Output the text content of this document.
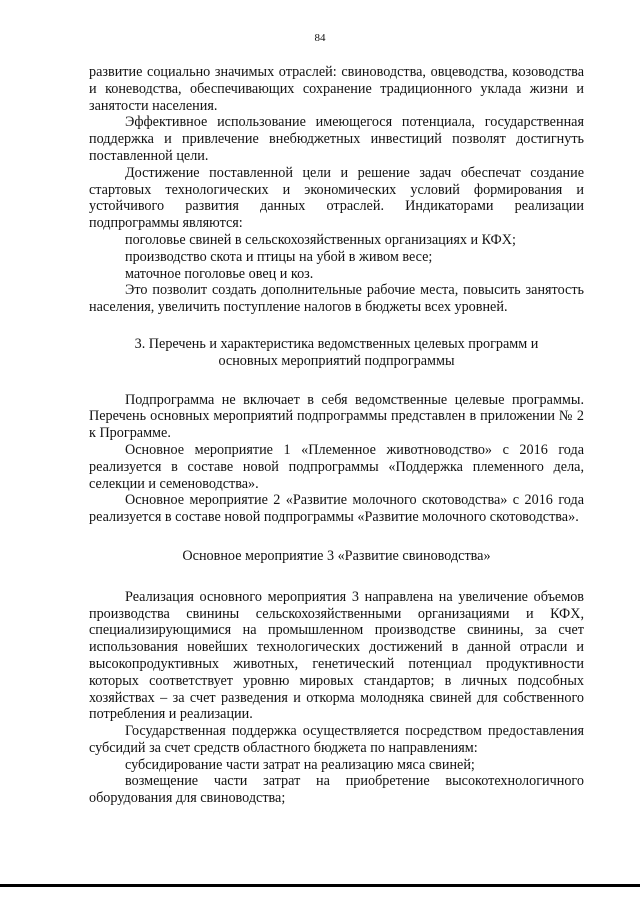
84

развитие социально значимых отраслей: свиноводства, овцеводства, козоводства и коневодства, обеспечивающих сохранение традиционного уклада жизни и занятости населения.

Эффективное использование имеющегося потенциала, государственная поддержка и привлечение внебюджетных инвестиций позволят достигнуть поставленной цели.

Достижение поставленной цели и решение задач обеспечат создание стартовых технологических и экономических условий формирования и устойчивого развития данных отраслей. Индикаторами реализации подпрограммы являются:

поголовье свиней в сельскохозяйственных организациях и КФХ;

производство скота и птицы на убой в живом весе;

маточное поголовье овец и коз.

Это позволит создать дополнительные рабочие места, повысить занятость населения, увеличить поступление налогов в бюджеты всех уровней.

3. Перечень и характеристика ведомственных целевых программ и основных мероприятий подпрограммы

Подпрограмма не включает в себя ведомственные целевые программы. Перечень основных мероприятий подпрограммы представлен в приложении № 2 к Программе.

Основное мероприятие 1 «Племенное животноводство» с 2016 года реализуется в составе новой подпрограммы «Поддержка племенного дела, селекции и семеноводства».

Основное мероприятие 2 «Развитие молочного скотоводства» с 2016 года реализуется в составе новой подпрограммы «Развитие молочного скотоводства».

Основное мероприятие 3 «Развитие свиноводства»

Реализация основного мероприятия 3 направлена на увеличение объемов производства свинины сельскохозяйственными организациями и КФХ, специализирующимися на промышленном производстве свинины, за счет использования новейших технологических достижений в данной отрасли и высокопродуктивных животных, генетический потенциал продуктивности которых соответствует уровню мировых стандартов; в личных подсобных хозяйствах – за счет разведения и откорма молодняка свиней для собственного потребления и реализации.

Государственная поддержка осуществляется посредством предоставления субсидий за счет средств областного бюджета по направлениям:

субсидирование части затрат на реализацию мяса свиней;

возмещение части затрат на приобретение высокотехнологичного оборудования для свиноводства;
